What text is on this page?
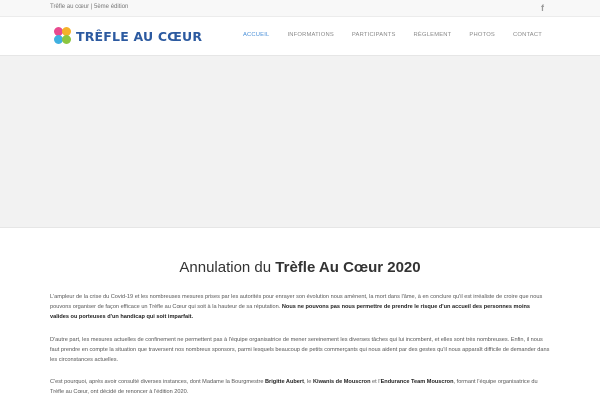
Trêfle au cœur | 5ème édition	f
TRÊFLE AU CŒUR	ACCUEIL	INFORMATIONS	PARTICIPANTS	RÈGLEMENT	PHOTOS	CONTACT
Annulation du Trèfle Au Cœur 2020

L'ampleur de la crise du Covid-19 et les nombreuses mesures prises par les autorités pour enrayer son évolution nous amènent, la mort dans l'âme, à en conclure qu'il est irréaliste de croire que nous pouvons organiser de façon efficace un Trèfle au Cœur qui soit à la hauteur de sa réputation. Nous ne pouvons pas nous permettre de prendre le risque d'un accueil des personnes moins valides ou porteuses d'un handicap qui soit imparfait.

D'autre part, les mesures actuelles de confinement ne permettent pas à l'équipe organisatrice de mener sereinement les diverses tâches qui lui incombent, et elles sont très nombreuses. Enfin, il nous faut prendre en compte la situation que traversent nos nombreux sponsors, parmi lesquels beaucoup de petits commerçants qui nous aident par des gestes qu'il nous apparaît difficile de demander dans les circonstances actuelles.

C'est pourquoi, après avoir consulté diverses instances, dont Madame la Bourgmestre Brigitte Aubert, le Kiwanis de Mouscron et l'Endurance Team Mouscron, formant l'équipe organisatrice du Trèfle au Cœur, ont décidé de renoncer à l'édition 2020.
